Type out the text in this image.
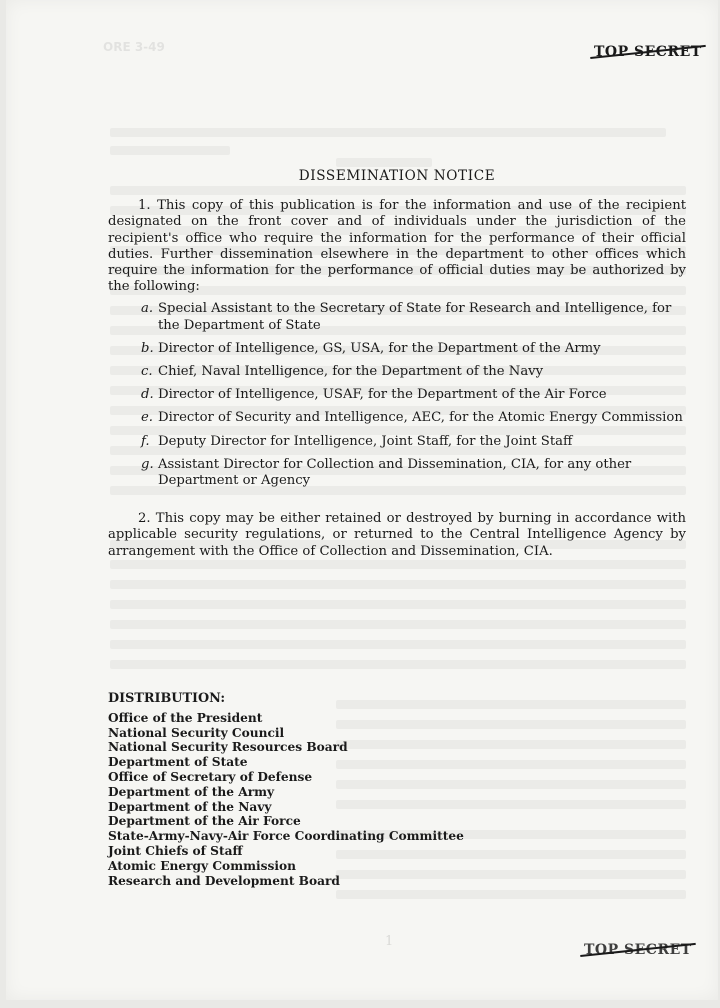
ORE 3-49	TOP SECRET
DISSEMINATION NOTICE

1. This copy of this publication is for the information and use of the recipient designated on the front cover and of individuals under the jurisdiction of the recipient's office who require the information for the performance of their official duties. Further dissemination elsewhere in the department to other offices which require the information for the performance of official duties may be authorized by the following:

a. Special Assistant to the Secretary of State for Research and Intelligence, for the Department of State
b. Director of Intelligence, GS, USA, for the Department of the Army
c. Chief, Naval Intelligence, for the Department of the Navy
d. Director of Intelligence, USAF, for the Department of the Air Force
e. Director of Security and Intelligence, AEC, for the Atomic Energy Commission
f. Deputy Director for Intelligence, Joint Staff, for the Joint Staff
g. Assistant Director for Collection and Dissemination, CIA, for any other Department or Agency

2. This copy may be either retained or destroyed by burning in accordance with applicable security regulations, or returned to the Central Intelligence Agency by arrangement with the Office of Collection and Dissemination, CIA.

DISTRIBUTION:
Office of the President
National Security Council
National Security Resources Board
Department of State
Office of Secretary of Defense
Department of the Army
Department of the Navy
Department of the Air Force
State-Army-Navy-Air Force Coordinating Committee
Joint Chiefs of Staff
Atomic Energy Commission
Research and Development Board
1
TOP SECRET
